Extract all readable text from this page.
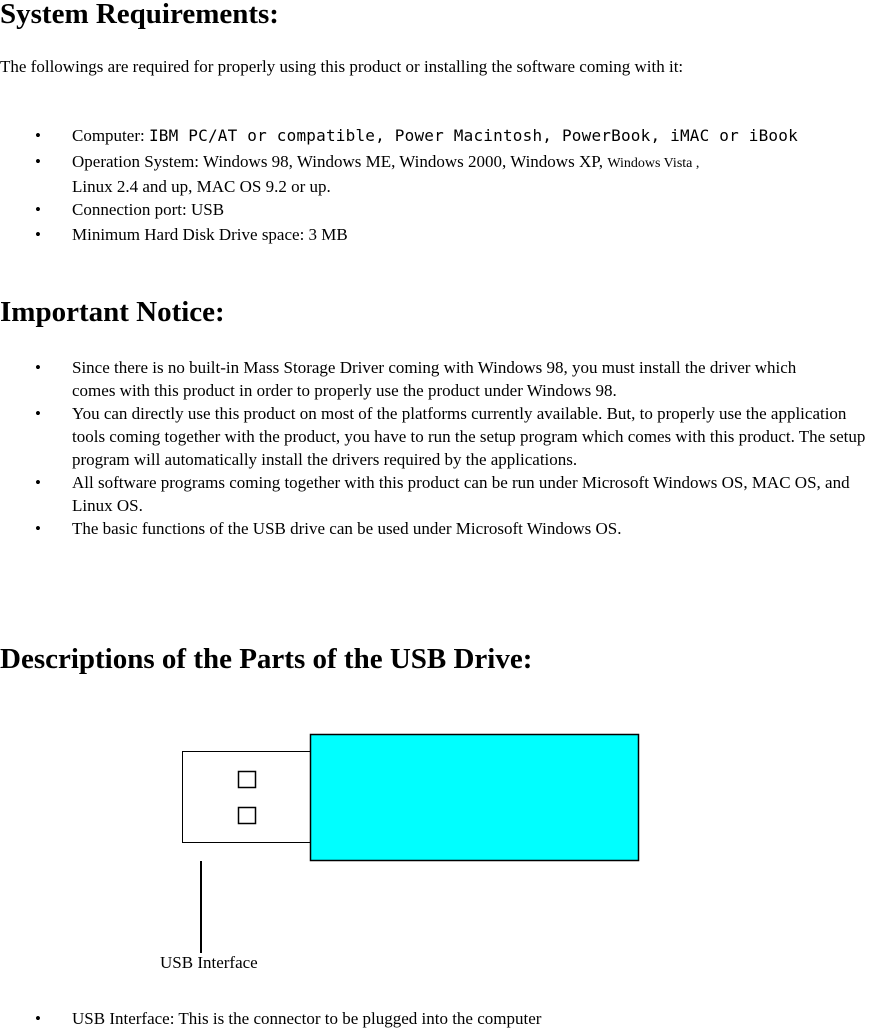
System Requirements:

The followings are required for properly using this product or installing the software coming with it:

• Computer: IBM PC/AT or compatible, Power Macintosh, PowerBook, iMAC or iBook
• Operation System: Windows 98, Windows ME, Windows 2000, Windows XP, Windows Vista ,
Linux 2.4 and up, MAC OS 9.2 or up.
• Connection port: USB
• Minimum Hard Disk Drive space: 3 MB
Important Notice:
• Since there is no built-in Mass Storage Driver coming with Windows 98, you must install the driver which comes with this product in order to properly use the product under Windows 98.
• You can directly use this product on most of the platforms currently available. But, to properly use the application tools coming together with the product, you have to run the setup program which comes with this product. The setup program will automatically install the drivers required by the applications.
• All software programs coming together with this product can be run under Microsoft Windows OS, MAC OS, and Linux OS.
• The basic functions of the USB drive can be used under Microsoft Windows OS.
Descriptions of the Parts of the USB Drive:
USB Interface
• USB Interface: This is the connector to be plugged into the computer
